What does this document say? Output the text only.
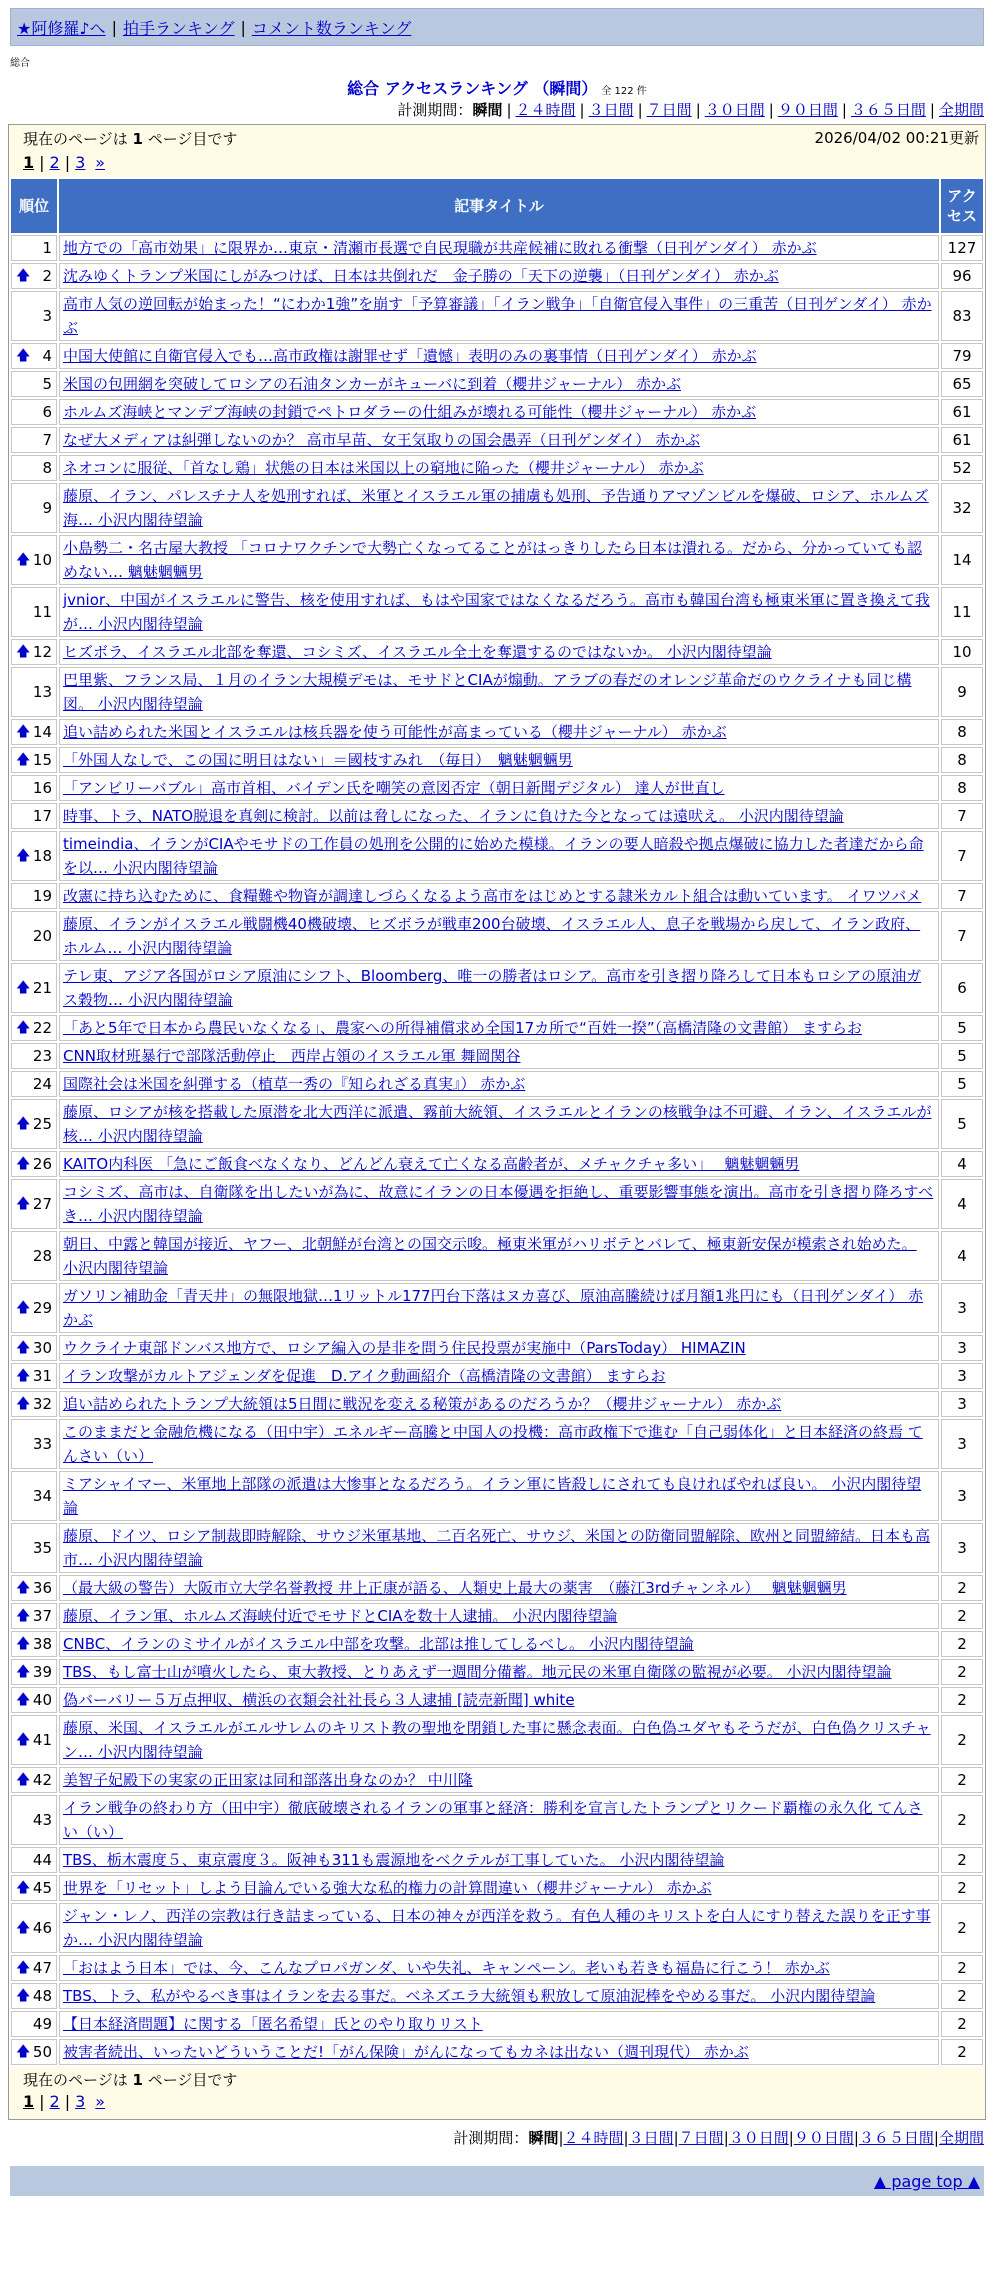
★阿修羅♪へ | 拍手ランキング | コメント数ランキング
総合
総合 アクセスランキング （瞬間） 全 122 件
計測期間：瞬間 | ２４時間 | ３日間 | ７日間 | ３０日間 | ９０日間 | ３６５日間 | 全期間
現在のページは 1 ページ目です	2026/04/02 00:21更新
1 | 2 | 3 »
順位	記事タイトル	アクセス
1	地方での「高市効果」に限界か…東京・清瀬市長選で自民現職が共産候補に敗れる衝撃（日刊ゲンダイ） 赤かぶ	127

🡅 2	沈みゆくトランプ米国にしがみつけば、日本は共倒れだ　金子勝の「天下の逆襲」（日刊ゲンダイ） 赤かぶ	96
3	高市人気の逆回転が始まった！“にわか1強”を崩す「予算審議」「イラン戦争」「自衛官侵入事件」の三重苦（日刊ゲンダイ） 赤かぶ	83

🡅 4	中国大使館に自衛官侵入でも…高市政権は謝罪せず「遺憾」表明のみの裏事情（日刊ゲンダイ） 赤かぶ	79
5	米国の包囲網を突破してロシアの石油タンカーがキューバに到着（櫻井ジャーナル） 赤かぶ	65
6	ホルムズ海峡とマンデブ海峡の封鎖でペトロダラーの仕組みが壊れる可能性（櫻井ジャーナル） 赤かぶ	61
7	なぜ大メディアは糾弾しないのか？ 高市早苗、女王気取りの国会愚弄（日刊ゲンダイ） 赤かぶ	61
8	ネオコンに服従、「首なし鶏」状態の日本は米国以上の窮地に陥った（櫻井ジャーナル） 赤かぶ	52
9	藤原、イラン、パレスチナ人を処刑すれば、米軍とイスラエル軍の捕虜も処刑、予告通りアマゾンビルを爆破、ロシア、ホルムズ海… 小沢内閣待望論	32

🡅 10	小島勢二・名古屋大教授 「コロナワクチンで大勢亡くなってることがはっきりしたら日本は潰れる。だから、分かっていても認めない… 魑魅魍魎男	14
11	jvnior、中国がイスラエルに警告、核を使用すれば、もはや国家ではなくなるだろう。高市も韓国台湾も極東米軍に置き換えて我が… 小沢内閣待望論	11

🡅 12	ヒズボラ、イスラエル北部を奪還、コシミズ、イスラエル全土を奪還するのではないか。 小沢内閣待望論	10
13	巴里紫、フランス局、１月のイラン大規模デモは、モサドとCIAが煽動。アラブの春だのオレンジ革命だのウクライナも同じ構図。 小沢内閣待望論	9

🡅 14	追い詰められた米国とイスラエルは核兵器を使う可能性が高まっている（櫻井ジャーナル） 赤かぶ	8

🡅 15	「外国人なしで、この国に明日はない」＝國枝すみれ　（毎日）　魑魅魍魎男	8
16	「アンビリーバブル」高市首相、バイデン氏を嘲笑の意図否定（朝日新聞デジタル） 達人が世直し	8
17	時事、トラ、NATO脱退を真剣に検討。以前は脅しになった、イランに負けた今となっては遠吠え。 小沢内閣待望論	7

🡅 18	timeindia、イランがCIAやモサドの工作員の処刑を公開的に始めた模様。イランの要人暗殺や拠点爆破に協力した者達だから命を以… 小沢内閣待望論	7
19	改憲に持ち込むために、食糧難や物資が調達しづらくなるよう高市をはじめとする隷米カルト組合は動いています。 イワツバメ	7
20	藤原、イランがイスラエル戦闘機40機破壊、ヒズボラが戦車200台破壊、イスラエル人、息子を戦場から戻して、イラン政府、ホルム… 小沢内閣待望論	7

🡅 21	テレ東、アジア各国がロシア原油にシフト、Bloomberg、唯一の勝者はロシア。高市を引き摺り降ろして日本もロシアの原油ガス穀物… 小沢内閣待望論	6

🡅 22	「あと5年で日本から農民いなくなる」、農家への所得補償求め全国17カ所で“百姓一揆”（高橋清隆の文書館） ますらお	5
23	CNN取材班暴行で部隊活動停止　西岸占領のイスラエル軍 舞岡関谷	5
24	国際社会は米国を糾弾する（植草一秀の『知られざる真実』） 赤かぶ	5

🡅 25	藤原、ロシアが核を搭載した原潜を北大西洋に派遣、霧前大統領、イスラエルとイランの核戦争は不可避、イラン、イスラエルが核… 小沢内閣待望論	5

🡅 26	KAITO内科医 「急にご飯食べなくなり、どんどん衰えて亡くなる高齢者が、メチャクチャ多い」　 魑魅魍魎男	4

🡅 27	コシミズ、高市は、自衛隊を出したいが為に、故意にイランの日本優遇を拒絶し、重要影響事態を演出。高市を引き摺り降ろすべき… 小沢内閣待望論	4
28	朝日、中露と韓国が接近、ヤフー、北朝鮮が台湾との国交示唆。極東米軍がハリボテとバレて、極東新安保が模索され始めた。 小沢内閣待望論	4

🡅 29	ガソリン補助金「青天井」の無限地獄…1リットル177円台下落はヌカ喜び、原油高騰続けば月額1兆円にも（日刊ゲンダイ） 赤かぶ	3

🡅 30	ウクライナ東部ドンバス地方で、ロシア編入の是非を問う住民投票が実施中（ParsToday） HIMAZIN	3

🡅 31	イラン攻撃がカルトアジェンダを促進　D.アイク動画紹介（高橋清隆の文書館） ますらお	3

🡅 32	追い詰められたトランプ大統領は5日間に戦況を変える秘策があるのだろうか？（櫻井ジャーナル） 赤かぶ	3
33	このままだと金融危機になる（田中宇）エネルギー高騰と中国人の投機：高市政権下で進む「自己弱体化」と日本経済の終焉 てんさい（い）	3
34	ミアシャイマー、米軍地上部隊の派遣は大惨事となるだろう。イラン軍に皆殺しにされても良ければやれば良い。 小沢内閣待望論	3
35	藤原、ドイツ、ロシア制裁即時解除、サウジ米軍基地、二百名死亡、サウジ、米国との防衛同盟解除、欧州と同盟締結。日本も高市… 小沢内閣待望論	3

🡅 36	（最大級の警告）大阪市立大学名誉教授 井上正康が語る、人類史上最大の薬害　（藤江3rdチャンネル）　 魑魅魍魎男	2

🡅 37	藤原、イラン軍、ホルムズ海峡付近でモサドとCIAを数十人逮捕。 小沢内閣待望論	2

🡅 38	CNBC、イランのミサイルがイスラエル中部を攻撃。北部は推してしるべし。 小沢内閣待望論	2

🡅 39	TBS、もし富士山が噴火したら、東大教授、とりあえず一週間分備蓄。地元民の米軍自衛隊の監視が必要。 小沢内閣待望論	2

🡅 40	偽バーバリー５万点押収、横浜の衣類会社社長ら３人逮捕 [読売新聞] white	2

🡅 41	藤原、米国、イスラエルがエルサレムのキリスト教の聖地を閉鎖した事に懸念表面。白色偽ユダヤもそうだが、白色偽クリスチャン… 小沢内閣待望論	2

🡅 42	美智子妃殿下の実家の正田家は同和部落出身なのか？ 中川隆	2
43	イラン戦争の終わり方（田中宇）徹底破壊されるイランの軍事と経済：勝利を宣言したトランプとリクード覇権の永久化 てんさい（い）	2
44	TBS、栃木震度５、東京震度３。阪神も311も震源地をベクテルが工事していた。 小沢内閣待望論	2

🡅 45	世界を「リセット」しよう目論んでいる強大な私的権力の計算間違い（櫻井ジャーナル） 赤かぶ	2

🡅 46	ジャン・レノ、西洋の宗教は行き詰まっている、日本の神々が西洋を救う。有色人種のキリストを白人にすり替えた誤りを正す事か… 小沢内閣待望論	2

🡅 47	「おはよう日本」では、今、こんなプロパガンダ、いや失礼、キャンペーン。老いも若きも福島に行こう！ 赤かぶ	2

🡅 48	TBS、トラ、私がやるべき事はイランを去る事だ。ベネズエラ大統領も釈放して原油泥棒をやめる事だ。 小沢内閣待望論	2
49	【日本経済問題】に関する「匿名希望」氏とのやり取りリスト	2

🡅 50	被害者続出、いったいどういうことだ!「がん保険」がんになってもカネは出ない（週刊現代） 赤かぶ	2
現在のページは 1 ページ目です
1 | 2 | 3 »
計測期間：瞬間|２４時間|３日間|７日間|３０日間|９０日間|３６５日間|全期間
▲ page top ▲
